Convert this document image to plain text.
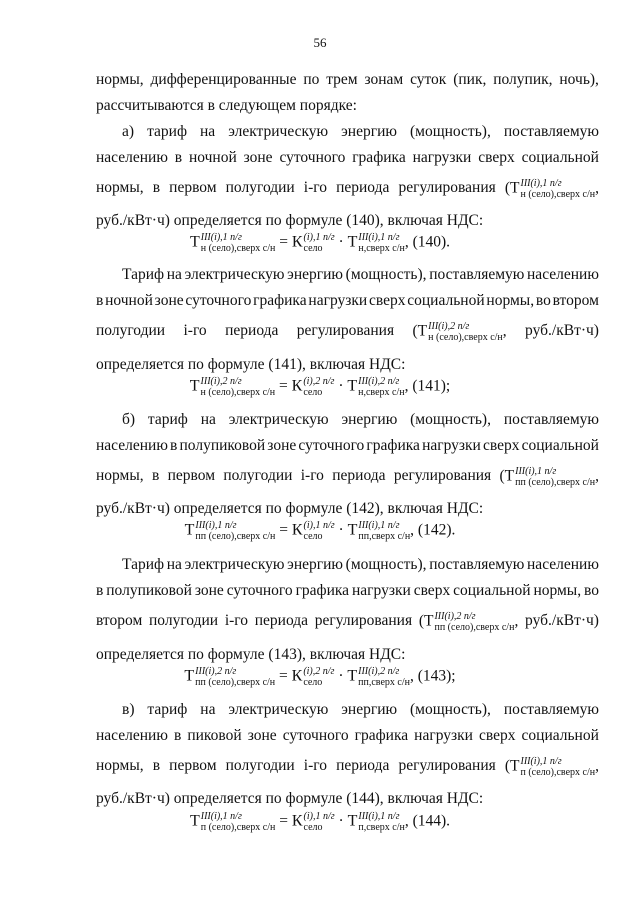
56
нормы, дифференцированные по трем зонам суток (пик, полупик, ночь),
рассчитываются в следующем порядке:
а) тариф на электрическую энергию (мощность), поставляемую
населению в ночной зоне суточного графика нагрузки сверх социальной
нормы, в первом полугодии i-го периода регулирования (Т III(i),1 п/г
н (село),сверх с/н ,
руб./кВт·ч) определяется по формуле (140), включая НДС:
Тариф на электрическую энергию (мощность), поставляемую населению
в ночной зоне суточного графика нагрузки сверх социальной нормы, во втором
полугодии i-го периода регулирования (Т III(i),2 п/г
н (село),сверх с/н , руб./кВт·ч)
определяется по формуле (141), включая НДС:
б) тариф на электрическую энергию (мощность), поставляемую
населению в полупиковой зоне суточного графика нагрузки сверх социальной
нормы, в первом полугодии i-го периода регулирования (Т III(i),1 п/г
пп (село),сверх с/н ,
руб./кВт·ч) определяется по формуле (142), включая НДС:
Тариф на электрическую энергию (мощность), поставляемую населению
в полупиковой зоне суточного графика нагрузки сверх социальной нормы, во
втором полугодии i-го периода регулирования (Т III(i),2 п/г
пп (село),сверх с/н , руб./кВт·ч)
определяется по формуле (143), включая НДС:
в) тариф на электрическую энергию (мощность), поставляемую
населению в пиковой зоне суточного графика нагрузки сверх социальной
нормы, в первом полугодии i-го периода регулирования (Т III(i),1 п/г
п (село),сверх с/н ,
руб./кВт·ч) определяется по формуле (144), включая НДС:
Т III(i),1 п/г
н (село),сверх с/н = К (i),1 п/г
село · Т III(i),1 п/г
н,сверх с/н , (140).
Т III(i),2 п/г
н (село),сверх с/н = К (i),2 п/г
село · Т III(i),2 п/г
н,сверх с/н , (141);
Т III(i),1 п/г
пп (село),сверх с/н = К (i),1 п/г
село · Т III(i),1 п/г
пп,сверх с/н , (142).
Т III(i),2 п/г
пп (село),сверх с/н = К (i),2 п/г
село · Т III(i),2 п/г
пп,сверх с/н , (143);
Т III(i),1 п/г
п (село),сверх с/н = К (i),1 п/г
село · Т III(i),1 п/г
п,сверх с/н , (144).
